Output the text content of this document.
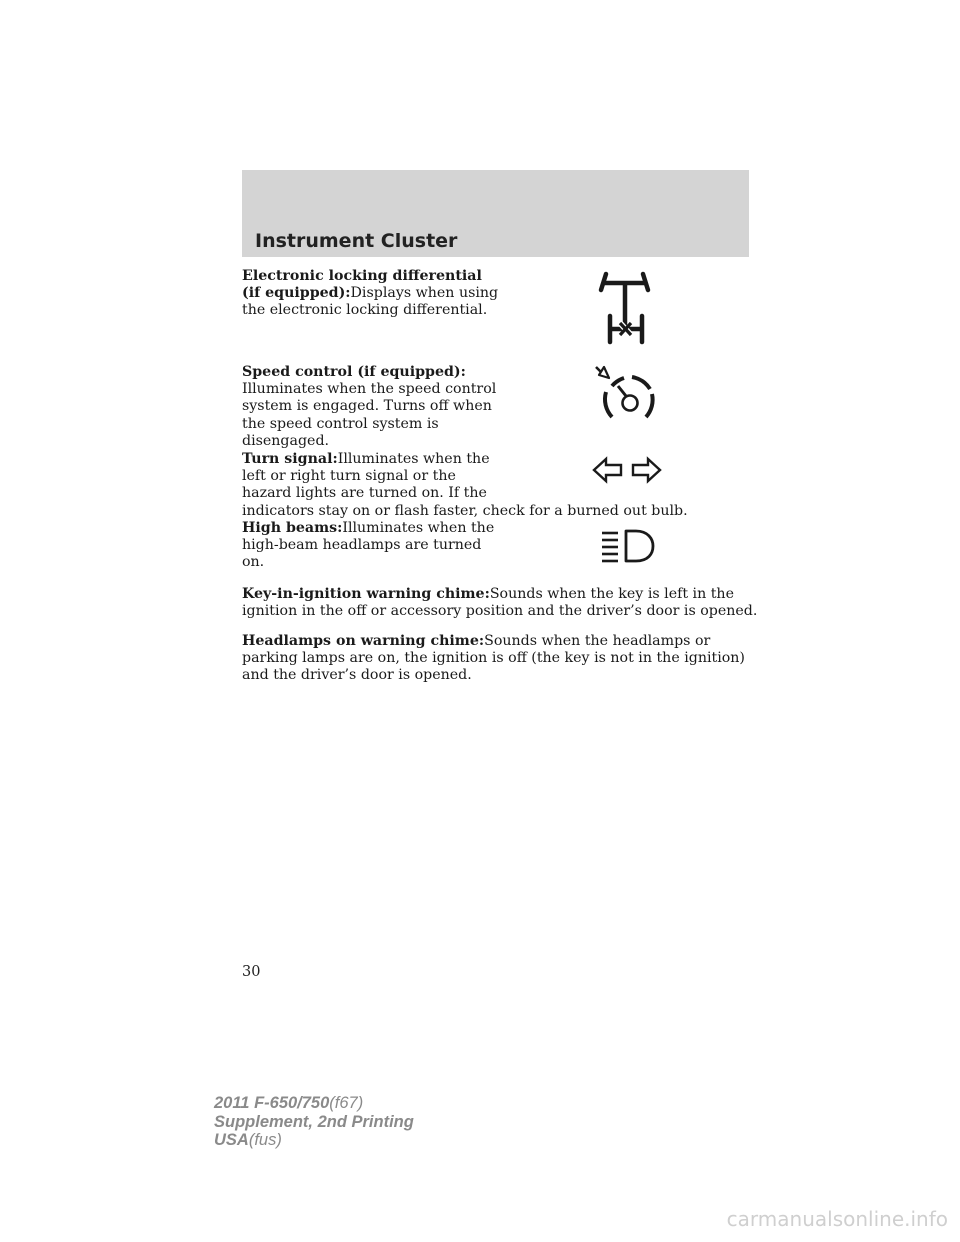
Instrument Cluster

Electronic locking differential
(if equipped):Displays when using the electronic locking differential.

Speed control (if equipped):
Illuminates when the speed control system is engaged. Turns off when the speed control system is disengaged.

Turn signal:Illuminates when the
left or right turn signal or the
hazard lights are turned on. If the
indicators stay on or flash faster, check for a burned out bulb.

High beams:Illuminates when the high-beam headlamps are turned on.

Key-in-ignition warning chime:Sounds when the key is left in the ignition in the off or accessory position and the driver’s door is opened.

Headlamps on warning chime:Sounds when the headlamps or parking lamps are on, the ignition is off (the key is not in the ignition) and the driver’s door is opened.

30
2011 F-650/750(f67)
Supplement, 2nd Printing
USA(fus)
carmanualsonline.info
